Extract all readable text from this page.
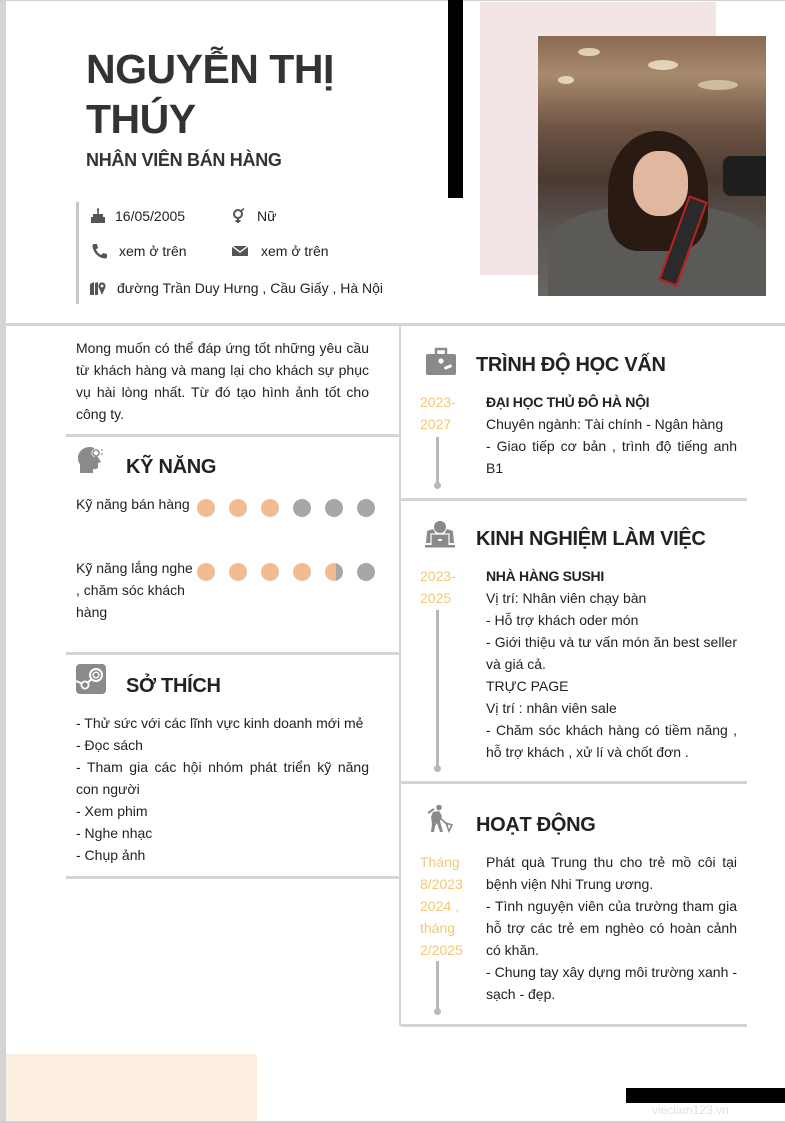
NGUYỄN THỊ THÚY
NHÂN VIÊN BÁN HÀNG
16/05/2005	Nữ
xem ở trên	xem ở trên
đường Trần Duy Hưng , Cầu Giấy , Hà Nội
Mong muốn có thể đáp ứng tốt những yêu cầu từ khách hàng và mang lại cho khách sự phục vụ hài lòng nhất. Từ đó tạo hình ảnh tốt cho công ty.
KỸ NĂNG
Kỹ năng bán hàng
Kỹ năng lắng nghe , chăm sóc khách hàng
SỞ THÍCH
- Thử sức với các lĩnh vực kinh doanh mới mẻ
- Đọc sách
- Tham gia các hội nhóm phát triển kỹ năng con người
- Xem phim
- Nghe nhạc
- Chụp ảnh
TRÌNH ĐỘ HỌC VẤN
2023-2027
ĐẠI HỌC THỦ ĐÔ HÀ NỘI
Chuyên ngành: Tài chính - Ngân hàng
- Giao tiếp cơ bản , trình độ tiếng anh B1
KINH NGHIỆM LÀM VIỆC
2023-2025
NHÀ HÀNG SUSHI
Vị trí: Nhân viên chạy bàn
- Hỗ trợ khách oder món
- Giới thiệu và tư vấn món ăn best seller và giá cả.
TRỰC PAGE
Vị trí : nhân viên sale
- Chăm sóc khách hàng có tiềm năng , hỗ trợ khách , xử lí và chốt đơn .
HOẠT ĐỘNG
Tháng 8/2023 2024 , tháng 2/2025
Phát quà Trung thu cho trẻ mồ côi tại bệnh viện Nhi Trung ương.
- Tình nguyện viên của trường tham gia hỗ trợ các trẻ em nghèo có hoàn cảnh có khăn.
- Chung tay xây dựng môi trường xanh - sạch - đẹp.
vieclam123.vn
